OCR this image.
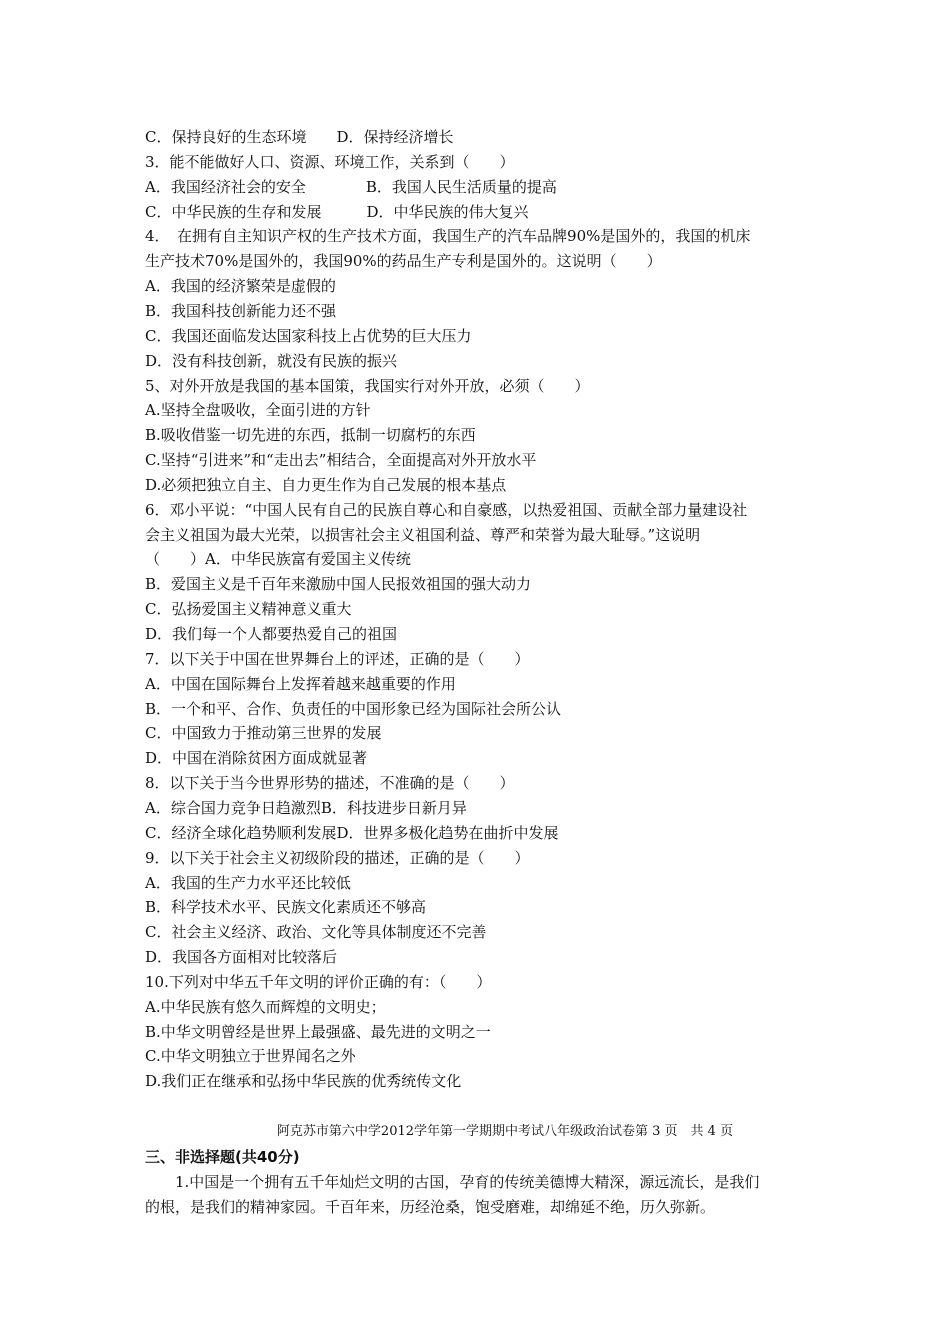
C．保持良好的生态环境　　D．保持经济增长
3．能不能做好人口、资源、环境工作，关系到（　　）
A．我国经济社会的安全　　　　B．我国人民生活质量的提高
C．中华民族的生存和发展　　　D．中华民族的伟大复兴
4．　在拥有自主知识产权的生产技术方面，我国生产的汽车品牌90%是国外的，我国的机床
生产技术70%是国外的，我国90%的药品生产专利是国外的。这说明（　　）
A．我国的经济繁荣是虚假的
B．我国科技创新能力还不强
C．我国还面临发达国家科技上占优势的巨大压力
D．没有科技创新，就没有民族的振兴
5、对外开放是我国的基本国策，我国实行对外开放，必须（　　）
A.坚持全盘吸收，全面引进的方针
B.吸收借鉴一切先进的东西，抵制一切腐朽的东西
C.坚持“引进来”和“走出去”相结合，全面提高对外开放水平
D.必须把独立自主、自力更生作为自己发展的根本基点
6．邓小平说：“中国人民有自己的民族自尊心和自豪感，以热爱祖国、贡献全部力量建设社
会主义祖国为最大光荣，以损害社会主义祖国利益、尊严和荣誉为最大耻辱。”这说明
（　　）A．中华民族富有爱国主义传统
B．爱国主义是千百年来激励中国人民报效祖国的强大动力
C．弘扬爱国主义精神意义重大
D．我们每一个人都要热爱自己的祖国
7．以下关于中国在世界舞台上的评述，正确的是（　　）
A．中国在国际舞台上发挥着越来越重要的作用
B．一个和平、合作、负责任的中国形象已经为国际社会所公认
C．中国致力于推动第三世界的发展
D．中国在消除贫困方面成就显著
8．以下关于当今世界形势的描述，不准确的是（　　）
A．综合国力竞争日趋激烈B．科技进步日新月异
C．经济全球化趋势顺利发展D．世界多极化趋势在曲折中发展
9．以下关于社会主义初级阶段的描述，正确的是（　　）
A．我国的生产力水平还比较低
B．科学技术水平、民族文化素质还不够高
C．社会主义经济、政治、文化等具体制度还不完善
D．我国各方面相对比较落后
10.下列对中华五千年文明的评价正确的有：（　　）
A.中华民族有悠久而辉煌的文明史；
B.中华文明曾经是世界上最强盛、最先进的文明之一
C.中华文明独立于世界闻名之外
D.我们正在继承和弘扬中华民族的优秀统传文化
阿克苏市第六中学2012学年第一学期期中考试八年级政治试卷第 3 页　共 4 页
三、非选择题(共40分)
　　1.中国是一个拥有五千年灿烂文明的古国，孕育的传统美德博大精深，源远流长，是我们
的根，是我们的精神家园。千百年来，历经沧桑，饱受磨难，却绵延不绝，历久弥新。
